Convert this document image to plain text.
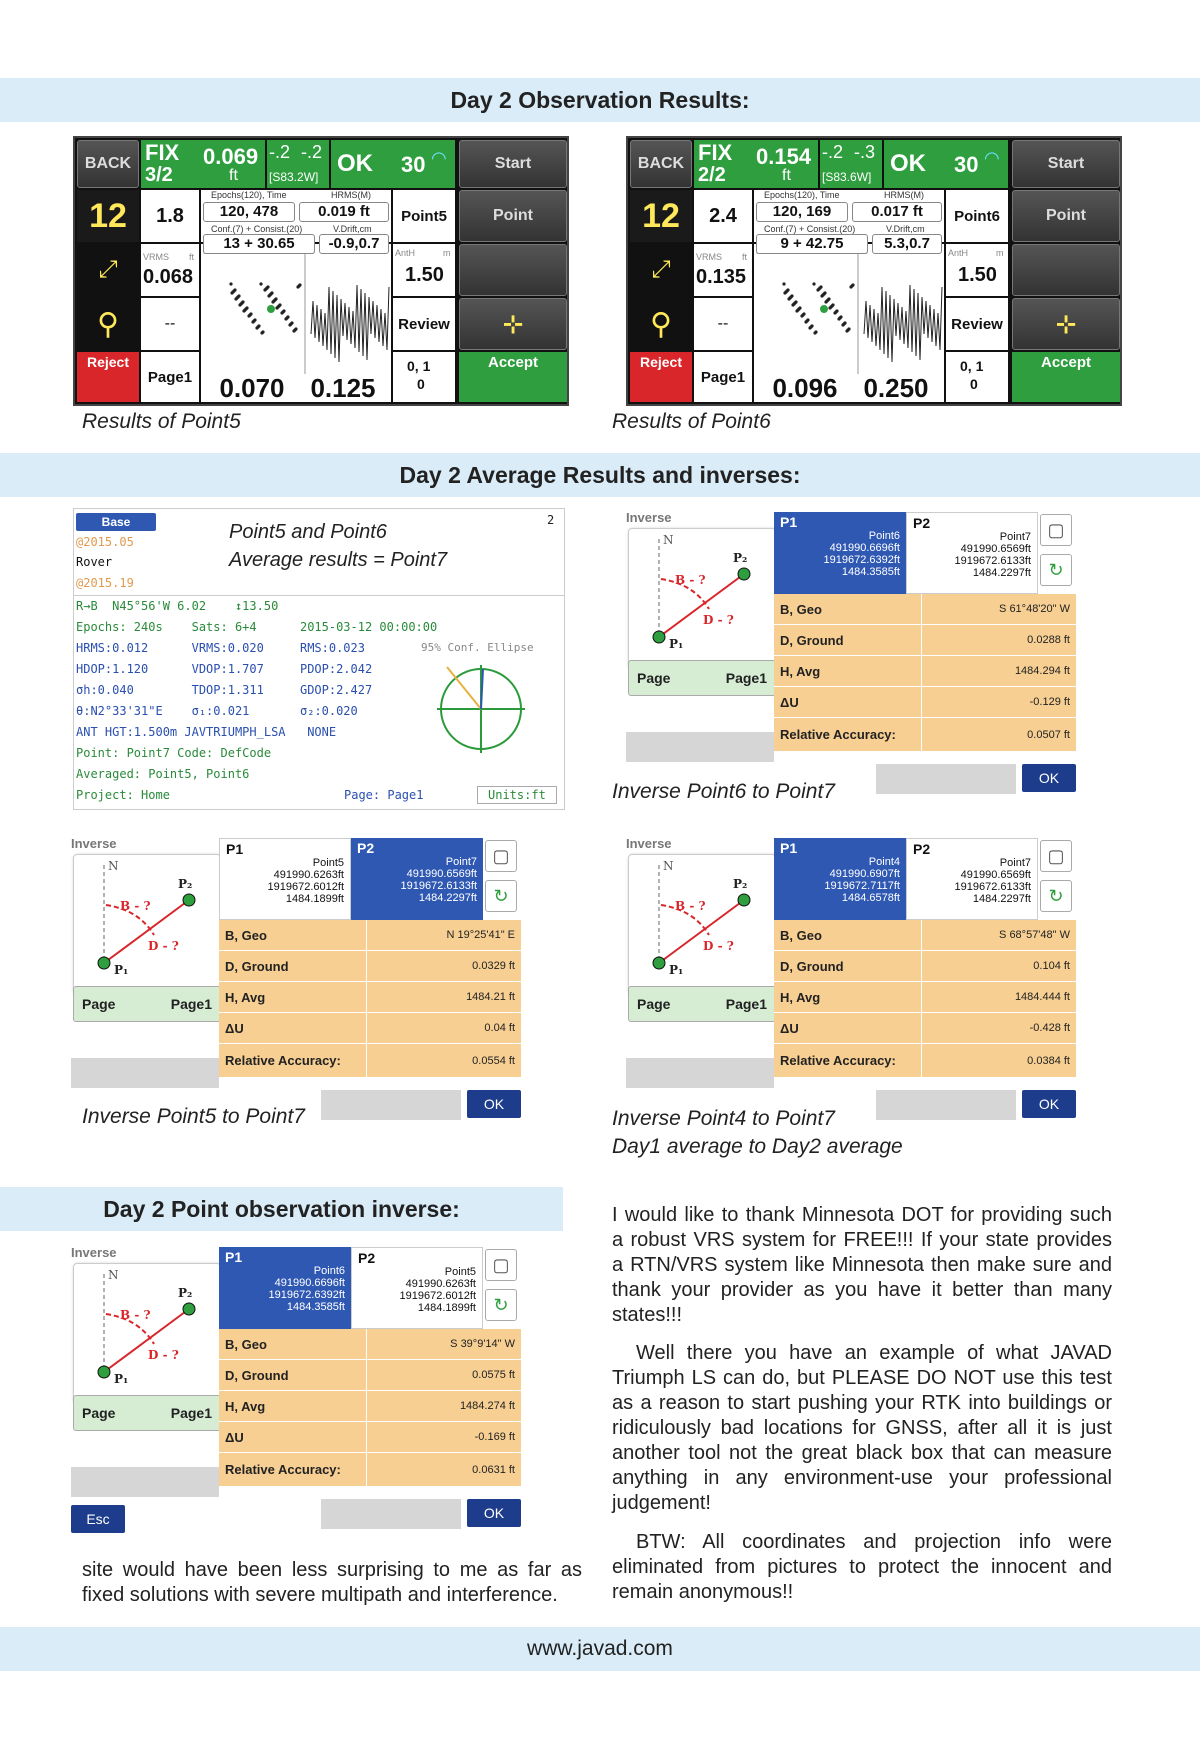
Day 2 Observation Results:
Day 2 Average Results and inverses:
Day 2 Point observation inverse:
BACK FIX
3/2
0.069
ft
-.2 -.2
[S83.2W] OK 30 ◠	Start
12	1.8
Epochs(120), Time	HRMS(M)
120, 478	0.019 ft
Conf.(7) + Consist.(20)	V.Drift,cm
13 + 30.65	-0.9,0.7
Point5	Point
⤢	VRMS ft
0.068
AntH	m
1.50
⚲	--	Review	⊹
Reject
Page1	0.070 0.125
0, 1
0
Accept
BACK FIX
2/2
0.154
ft
-.2 -.3
[S83.6W] OK 30 ◠	Start
12	2.4
Epochs(120), Time	HRMS(M)
120, 169	0.017 ft
Conf.(7) + Consist.(20)	V.Drift,cm
9 + 42.75	5.3,0.7
Point6	Point
⤢	VRMS ft
0.135
AntH	m
1.50
⚲	--	Review	⊹
Reject
Page1	0.096 0.250
0, 1
0
Accept
Results of Point5	Results of Point6
Base
@2015.05
Rover
@2015.19
Point5 and Point6
Average results = Point7
2
R→B  N45°56'W 6.02    ↕13.50
Epochs: 240s    Sats: 6+4      2015-03-12 00:00:00
HRMS:0.012      VRMS:0.020     RMS:0.023	95% Conf. Ellipse
HDOP:1.120      VDOP:1.707     PDOP:2.042
σh:0.040        TDOP:1.311     GDOP:2.427
θ:N2°33'31"E    σ₁:0.021       σ₂:0.020
ANT HGT:1.500m JAVTRIUMPH_LSA   NONE
Point: Point7 Code: DefCode
Averaged: Point5, Point6
Project: Home	Page: Page1	Units:ft
Inverse
N
B - ?
D - ?
P₁
P₂
Page	Page1
P1
Point6
491990.6696ft
1919672.6392ft
1484.3585ft
P2
Point7
491990.6569ft
1919672.6133ft
1484.2297ft
▢
↻
B, Geo	S 61°48'20" W
D, Ground	0.0288 ft
H, Avg	1484.294 ft
ΔU	-0.129 ft
Relative Accuracy:	0.0507 ft
OK
Inverse Point6 to Point7
Inverse
N
B - ?
D - ?
P₁
P₂
Page	Page1
P1
Point5
491990.6263ft
1919672.6012ft
1484.1899ft
P2
Point7
491990.6569ft
1919672.6133ft
1484.2297ft
▢
↻
B, Geo	N 19°25'41" E
D, Ground	0.0329 ft
H, Avg	1484.21 ft
ΔU	0.04 ft
Relative Accuracy:	0.0554 ft
OK
Inverse Point5 to Point7
Inverse
N
B - ?
D - ?
P₁
P₂
Page	Page1
P1
Point4
491990.6907ft
1919672.7117ft
1484.6578ft
P2
Point7
491990.6569ft
1919672.6133ft
1484.2297ft
▢
↻
B, Geo	S 68°57'48" W
D, Ground	0.104 ft
H, Avg	1484.444 ft
ΔU	-0.428 ft
Relative Accuracy:	0.0384 ft
OK
Inverse Point4 to Point7
Day1 average to Day2 average
Inverse
N
B - ?
D - ?
P₁
P₂
Page	Page1
P1
Point6
491990.6696ft
1919672.6392ft
1484.3585ft
P2
Point5
491990.6263ft
1919672.6012ft
1484.1899ft
▢
↻
B, Geo	S 39°9'14" W
D, Ground	0.0575 ft
H, Avg	1484.274 ft
ΔU	-0.169 ft
Relative Accuracy:	0.0631 ft
OK
Esc
site would have been less surprising to me as far as fixed solutions with severe multipath and interference.
I would like to thank Minnesota DOT for providing such a robust VRS system for FREE!!! If your state provides a RTN/VRS system like Minnesota then make sure and thank your provider as you have it better than many states!!!
Well there you have an example of what JAVAD Triumph LS can do, but PLEASE DO NOT use this test as a reason to start pushing your RTK into buildings or ridiculously bad locations for GNSS, after all it is just another tool not the great black box that can measure anything in any environment-use your professional judgement!
BTW: All coordinates and projection info were eliminated from pictures to protect the innocent and remain anonymous!!
www.javad.com
